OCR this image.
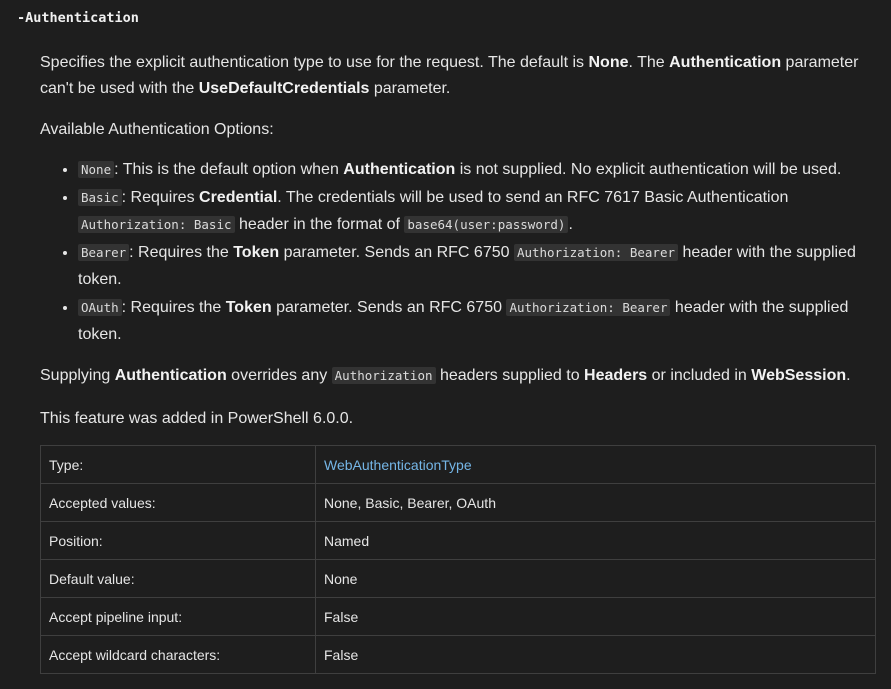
-Authentication

Specifies the explicit authentication type to use for the request. The default is None. The Authentication parameter can't be used with the UseDefaultCredentials parameter.

Available Authentication Options:

• None : This is the default option when Authentication is not supplied. No explicit authentication will be used.
• Basic : Requires Credential. The credentials will be used to send an RFC 7617 Basic Authentication Authorization: Basic header in the format of base64(user:password) .
• Bearer : Requires the Token parameter. Sends an RFC 6750 Authorization: Bearer header with the supplied token.
• OAuth : Requires the Token parameter. Sends an RFC 6750 Authorization: Bearer header with the supplied token.

Supplying Authentication overrides any Authorization headers supplied to Headers or included in WebSession.

This feature was added in PowerShell 6.0.0.

Type:	WebAuthenticationType
Accepted values:	None, Basic, Bearer, OAuth
Position:	Named
Default value:	None
Accept pipeline input:	False
Accept wildcard characters:	False
